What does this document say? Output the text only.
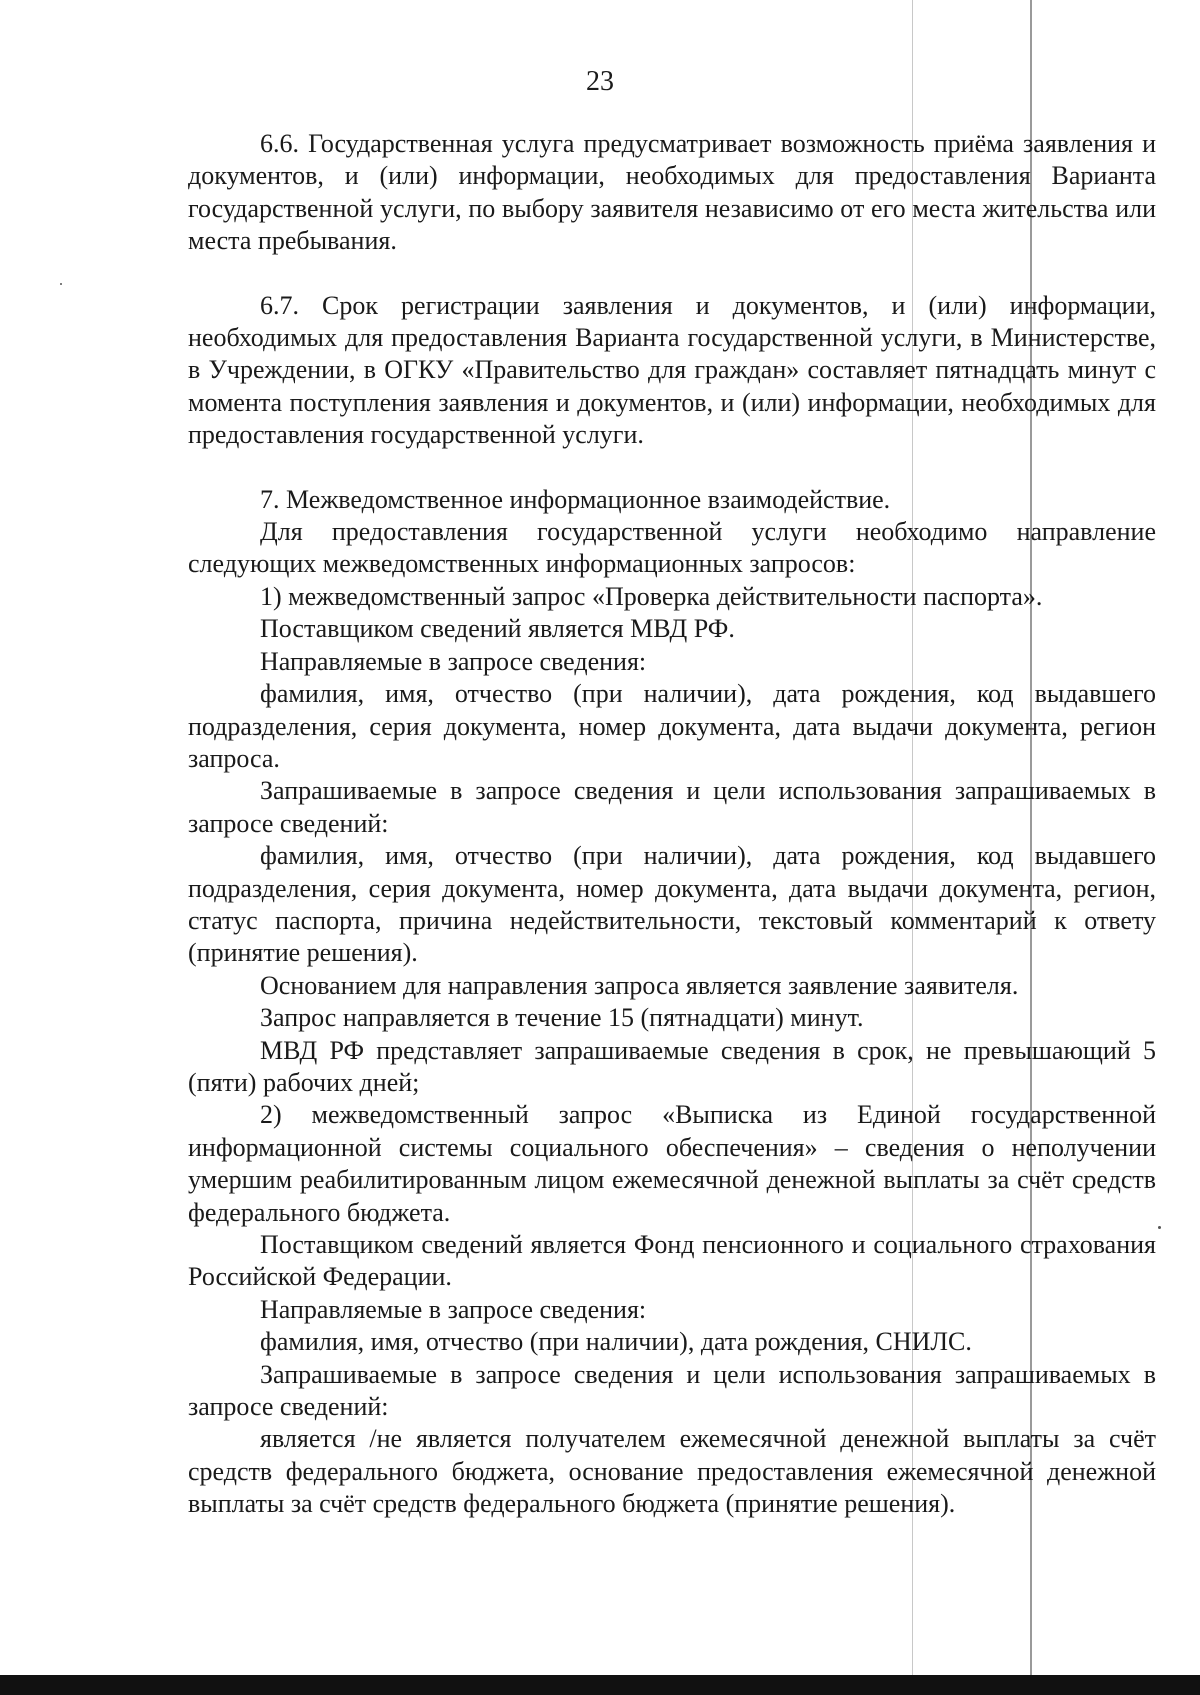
23

6.6. Государственная услуга предусматривает возможность приёма заявления и документов, и (или) информации, необходимых для предоставления Варианта государственной услуги, по выбору заявителя независимо от его места жительства или места пребывания.

6.7. Срок регистрации заявления и документов, и (или) информации, необходимых для предоставления Варианта государственной услуги, в Министерстве, в Учреждении, в ОГКУ «Правительство для граждан» составляет пятнадцать минут с момента поступления заявления и документов, и (или) информации, необходимых для предоставления государственной услуги.

7. Межведомственное информационное взаимодействие.

Для предоставления государственной услуги необходимо направление следующих межведомственных информационных запросов:

1) межведомственный запрос «Проверка действительности паспорта».

Поставщиком сведений является МВД РФ.

Направляемые в запросе сведения:

фамилия, имя, отчество (при наличии), дата рождения, код выдавшего подразделения, серия документа, номер документа, дата выдачи документа, регион запроса.

Запрашиваемые в запросе сведения и цели использования запрашиваемых в запросе сведений:

фамилия, имя, отчество (при наличии), дата рождения, код выдавшего подразделения, серия документа, номер документа, дата выдачи документа, регион, статус паспорта, причина недействительности, текстовый комментарий к ответу (принятие решения).

Основанием для направления запроса является заявление заявителя.

Запрос направляется в течение 15 (пятнадцати) минут.

МВД РФ представляет запрашиваемые сведения в срок, не превышающий 5 (пяти) рабочих дней;

2) межведомственный запрос «Выписка из Единой государственной информационной системы социального обеспечения» – сведения о неполучении умершим реабилитированным лицом ежемесячной денежной выплаты за счёт средств федерального бюджета.

Поставщиком сведений является Фонд пенсионного и социального страхования Российской Федерации.

Направляемые в запросе сведения:

фамилия, имя, отчество (при наличии), дата рождения, СНИЛС.

Запрашиваемые в запросе сведения и цели использования запрашиваемых в запросе сведений:

является /не является получателем ежемесячной денежной выплаты за счёт средств федерального бюджета, основание предоставления ежемесячной денежной выплаты за счёт средств федерального бюджета (принятие решения).
